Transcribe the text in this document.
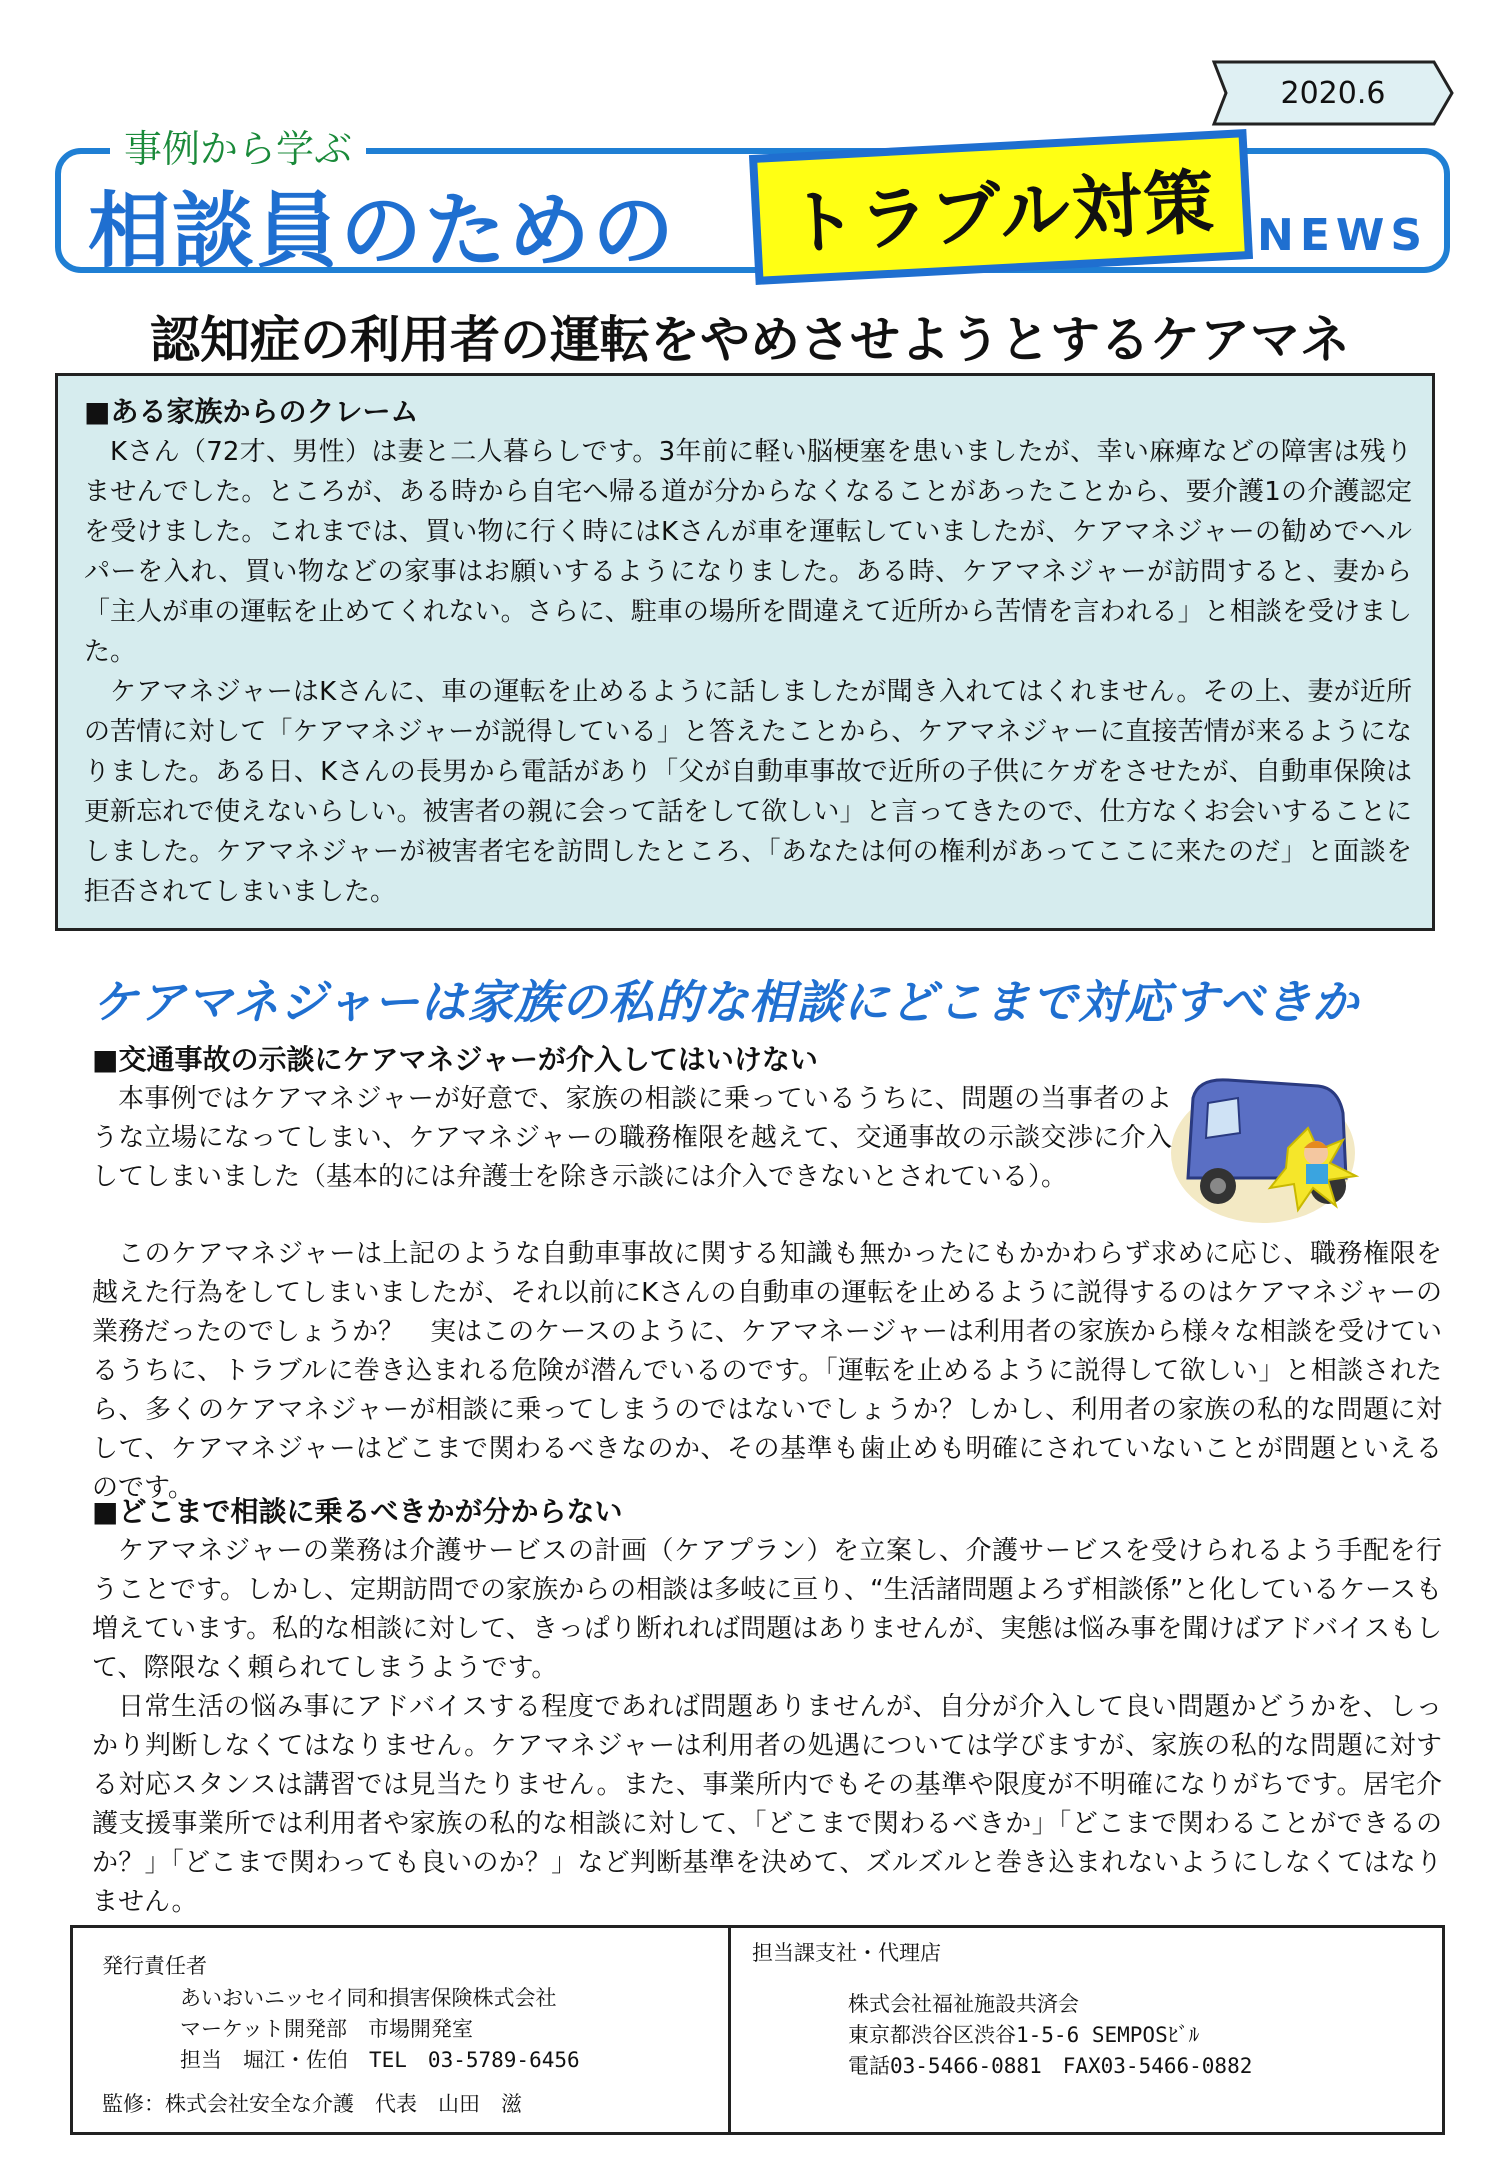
2020.6
事例から学ぶ
相談員のための トラブル対策 NEWS
認知症の利用者の運転をやめさせようとするケアマネ

■ある家族からのクレーム

Kさん（72才、男性）は妻と二人暮らしです。3年前に軽い脳梗塞を患いましたが、幸い麻痺などの障害は残りませんでした。ところが、ある時から自宅へ帰る道が分からなくなることがあったことから、要介護1の介護認定を受けました。これまでは、買い物に行く時にはKさんが車を運転していましたが、ケアマネジャーの勧めでヘルパーを入れ、買い物などの家事はお願いするようになりました。ある時、ケアマネジャーが訪問すると、妻から「主人が車の運転を止めてくれない。さらに、駐車の場所を間違えて近所から苦情を言われる」と相談を受けました。

ケアマネジャーはKさんに、車の運転を止めるように話しましたが聞き入れてはくれません。その上、妻が近所の苦情に対して「ケアマネジャーが説得している」と答えたことから、ケアマネジャーに直接苦情が来るようになりました。ある日、Kさんの長男から電話があり「父が自動車事故で近所の子供にケガをさせたが、自動車保険は更新忘れで使えないらしい。被害者の親に会って話をして欲しい」と言ってきたので、仕方なくお会いすることにしました。ケアマネジャーが被害者宅を訪問したところ、「あなたは何の権利があってここに来たのだ」と面談を拒否されてしまいました。

ケアマネジャーは家族の私的な相談にどこまで対応すべきか

■交通事故の示談にケアマネジャーが介入してはいけない

本事例ではケアマネジャーが好意で、家族の相談に乗っているうちに、問題の当事者のような立場になってしまい、ケアマネジャーの職務権限を越えて、交通事故の示談交渉に介入してしまいました（基本的には弁護士を除き示談には介入できないとされている）。

このケアマネジャーは上記のような自動車事故に関する知識も無かったにもかかわらず求めに応じ、職務権限を越えた行為をしてしまいましたが、それ以前にKさんの自動車の運転を止めるように説得するのはケアマネジャーの業務だったのでしょうか？　実はこのケースのように、ケアマネージャーは利用者の家族から様々な相談を受けているうちに、トラブルに巻き込まれる危険が潜んでいるのです。「運転を止めるように説得して欲しい」と相談されたら、多くのケアマネジャーが相談に乗ってしまうのではないでしょうか？しかし、利用者の家族の私的な問題に対して、ケアマネジャーはどこまで関わるべきなのか、その基準も歯止めも明確にされていないことが問題といえるのです。

■どこまで相談に乗るべきかが分からない

ケアマネジャーの業務は介護サービスの計画（ケアプラン）を立案し、介護サービスを受けられるよう手配を行うことです。しかし、定期訪問での家族からの相談は多岐に亘り、“生活諸問題よろず相談係”と化しているケースも増えています。私的な相談に対して、きっぱり断れれば問題はありませんが、実態は悩み事を聞けばアドバイスもして、際限なく頼られてしまうようです。

日常生活の悩み事にアドバイスする程度であれば問題ありませんが、自分が介入して良い問題かどうかを、しっかり判断しなくてはなりません。ケアマネジャーは利用者の処遇については学びますが、家族の私的な問題に対する対応スタンスは講習では見当たりません。また、事業所内でもその基準や限度が不明確になりがちです。居宅介護支援事業所では利用者や家族の私的な相談に対して、「どこまで関わるべきか」「どこまで関わることができるのか？」「どこまで関わっても良いのか？」など判断基準を決めて、ズルズルと巻き込まれないようにしなくてはなりません。

発行責任者
あいおいニッセイ同和損害保険株式会社
マーケット開発部　市場開発室
担当　堀江・佐伯　TEL　03-5789-6456
監修：株式会社安全な介護　代表　山田　滋
担当課支社・代理店
株式会社福祉施設共済会
東京都渋谷区渋谷1-5-6 SEMPOSﾋﾞﾙ
電話03-5466-0881　FAX03-5466-0882
